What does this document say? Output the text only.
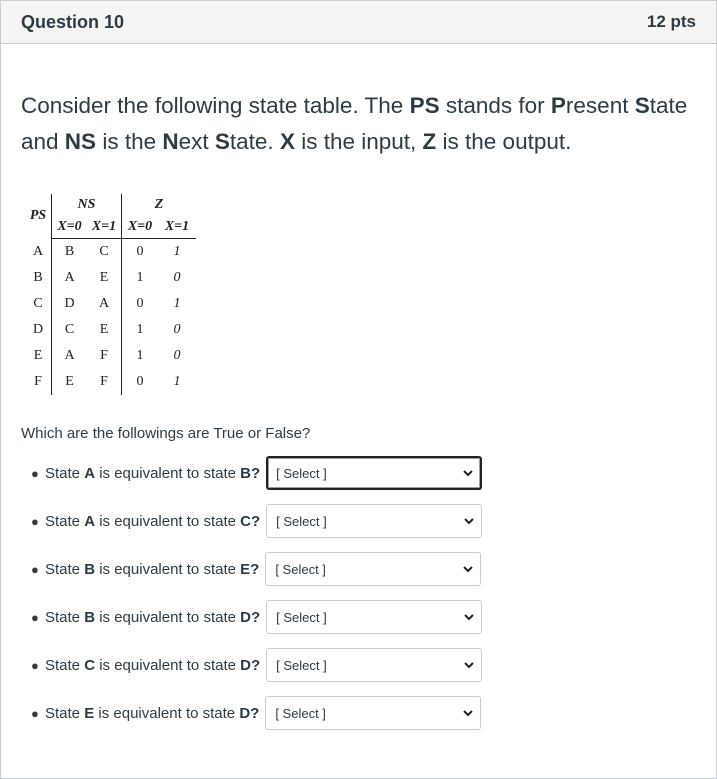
Question 10	12 pts
Consider the following state table. The PS stands for Present State and NS is the Next State. X is the input, Z is the output.
PS	NS		Z	
	X=0	X=1	X=0	X=1
A	B	C	0	1
B	A	E	1	0
C	D	A	0	1
D	C	E	1	0
E	A	F	1	0
F	E	F	0	1
Which are the followings are True or False?
● State A is equivalent to state B? [ Select ]
● State A is equivalent to state C? [ Select ]
● State B is equivalent to state E? [ Select ]
● State B is equivalent to state D? [ Select ]
● State C is equivalent to state D? [ Select ]
● State E is equivalent to state D? [ Select ]
